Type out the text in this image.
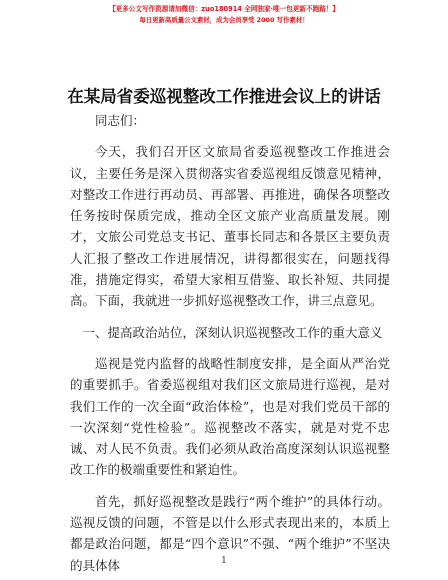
【更多公文写作资源请加微信：zuo180914 全网独家·唯一包更新不跑路！】
每日更新高质量公文素材，成为会员享受 2000 写作素材！
在某局省委巡视整改工作推进会议上的讲话

同志们：

今天，我们召开区文旅局省委巡视整改工作推进会议，主要任务是深入贯彻落实省委巡视组反馈意见精神，对整改工作进行再动员、再部署、再推进，确保各项整改任务按时保质完成，推动全区文旅产业高质量发展。刚才，文旅公司党总支书记、董事长同志和各景区主要负责人汇报了整改工作进展情况，讲得都很实在，问题找得准，措施定得实，希望大家相互借鉴、取长补短、共同提高。下面，我就进一步抓好巡视整改工作，讲三点意见。

一、提高政治站位，深刻认识巡视整改工作的重大意义

巡视是党内监督的战略性制度安排，是全面从严治党的重要抓手。省委巡视组对我们区文旅局进行巡视，是对我们工作的一次全面“政治体检”，也是对我们党员干部的一次深刻“党性检验”。巡视整改不落实，就是对党不忠诚、对人民不负责。我们必须从政治高度深刻认识巡视整改工作的极端重要性和紧迫性。

首先，抓好巡视整改是践行“两个维护”的具体行动。巡视反馈的问题，不管是以什么形式表现出来的，本质上都是政治问题，都是“四个意识”不强、“两个维护”不坚决的具体体	1
